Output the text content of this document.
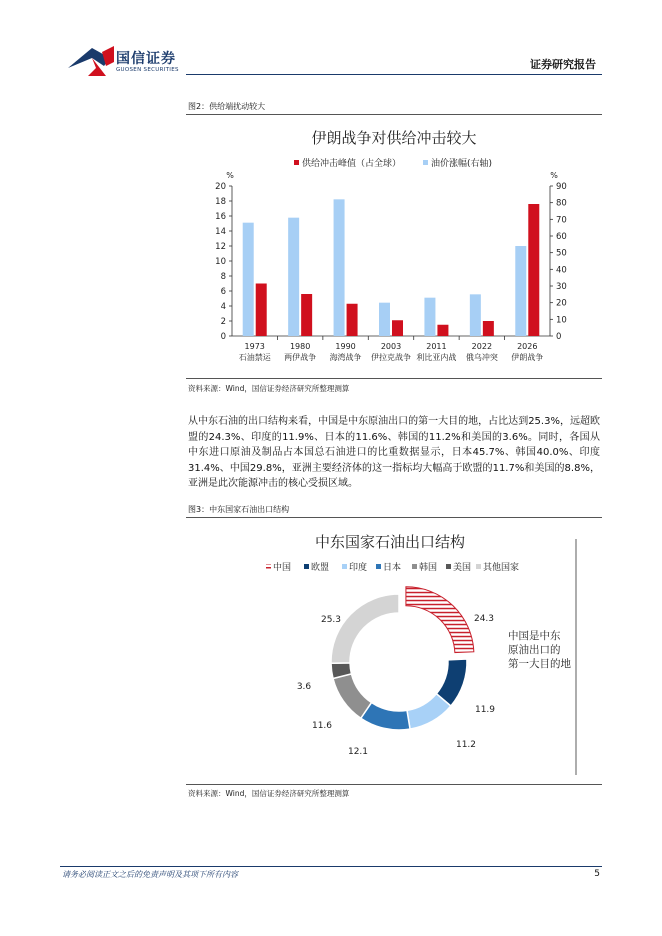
国信证券
GUOSEN SECURITIES	证券研究报告
图2：供给端扰动较大
伊朗战争对供给冲击较大
供给冲击峰值（占全球）	油价涨幅(右轴)
%	%
0
2
4
6
8
10
12
14
16
18
20
0
10
20
30
40
50
60
70
80
90
1973
石油禁运
1980
两伊战争
1990
海湾战争
2003
伊拉克战争
2011
利比亚内战
2022
俄乌冲突
2026
伊朗战争
资料来源：Wind，国信证券经济研究所整理测算
从中东石油的出口结构来看，中国是中东原油出口的第一大目的地，占比达到25.3%，远超欧盟的24.3%、印度的11.9%、日本的11.6%、韩国的11.2%和美国的3.6%。同时，各国从中东进口原油及制品占本国总石油进口的比重数据显示，日本45.7%、韩国40.0%、印度31.4%、中国29.8%，亚洲主要经济体的这一指标均大幅高于欧盟的11.7%和美国的8.8%，亚洲是此次能源冲击的核心受损区域。
图3：中东国家石油出口结构
中东国家石油出口结构
中国 欧盟 印度 日本 韩国 美国 其他国家
24.3
11.9
11.2
12.1
11.6
3.6
25.3
中国是中东
原油出口的
第一大目的地
资料来源：Wind，国信证券经济研究所整理测算
请务必阅读正文之后的免责声明及其项下所有内容	5
